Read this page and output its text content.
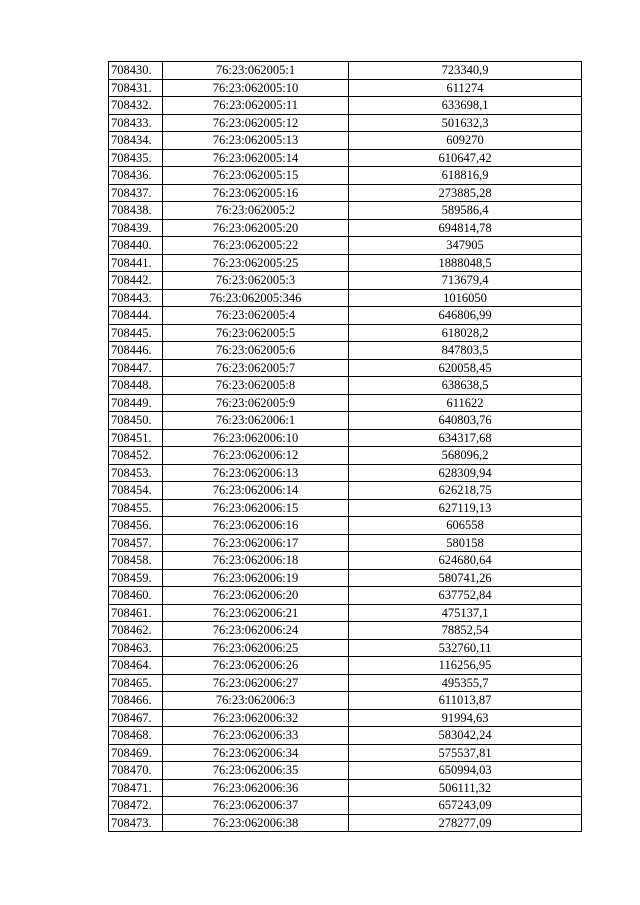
708430.	76:23:062005:1	723340,9
708431.	76:23:062005:10	611274
708432.	76:23:062005:11	633698,1
708433.	76:23:062005:12	501632,3
708434.	76:23:062005:13	609270
708435.	76:23:062005:14	610647,42
708436.	76:23:062005:15	618816,9
708437.	76:23:062005:16	273885,28
708438.	76:23:062005:2	589586,4
708439.	76:23:062005:20	694814,78
708440.	76:23:062005:22	347905
708441.	76:23:062005:25	1888048,5
708442.	76:23:062005:3	713679,4
708443.	76:23:062005:346	1016050
708444.	76:23:062005:4	646806,99
708445.	76:23:062005:5	618028,2
708446.	76:23:062005:6	847803,5
708447.	76:23:062005:7	620058,45
708448.	76:23:062005:8	638638,5
708449.	76:23:062005:9	611622
708450.	76:23:062006:1	640803,76
708451.	76:23:062006:10	634317,68
708452.	76:23:062006:12	568096,2
708453.	76:23:062006:13	628309,94
708454.	76:23:062006:14	626218,75
708455.	76:23:062006:15	627119,13
708456.	76:23:062006:16	606558
708457.	76:23:062006:17	580158
708458.	76:23:062006:18	624680,64
708459.	76:23:062006:19	580741,26
708460.	76:23:062006:20	637752,84
708461.	76:23:062006:21	475137,1
708462.	76:23:062006:24	78852,54
708463.	76:23:062006:25	532760,11
708464.	76:23:062006:26	116256,95
708465.	76:23:062006:27	495355,7
708466.	76:23:062006:3	611013,87
708467.	76:23:062006:32	91994,63
708468.	76:23:062006:33	583042,24
708469.	76:23:062006:34	575537,81
708470.	76:23:062006:35	650994,03
708471.	76:23:062006:36	506111,32
708472.	76:23:062006:37	657243,09
708473.	76:23:062006:38	278277,09
